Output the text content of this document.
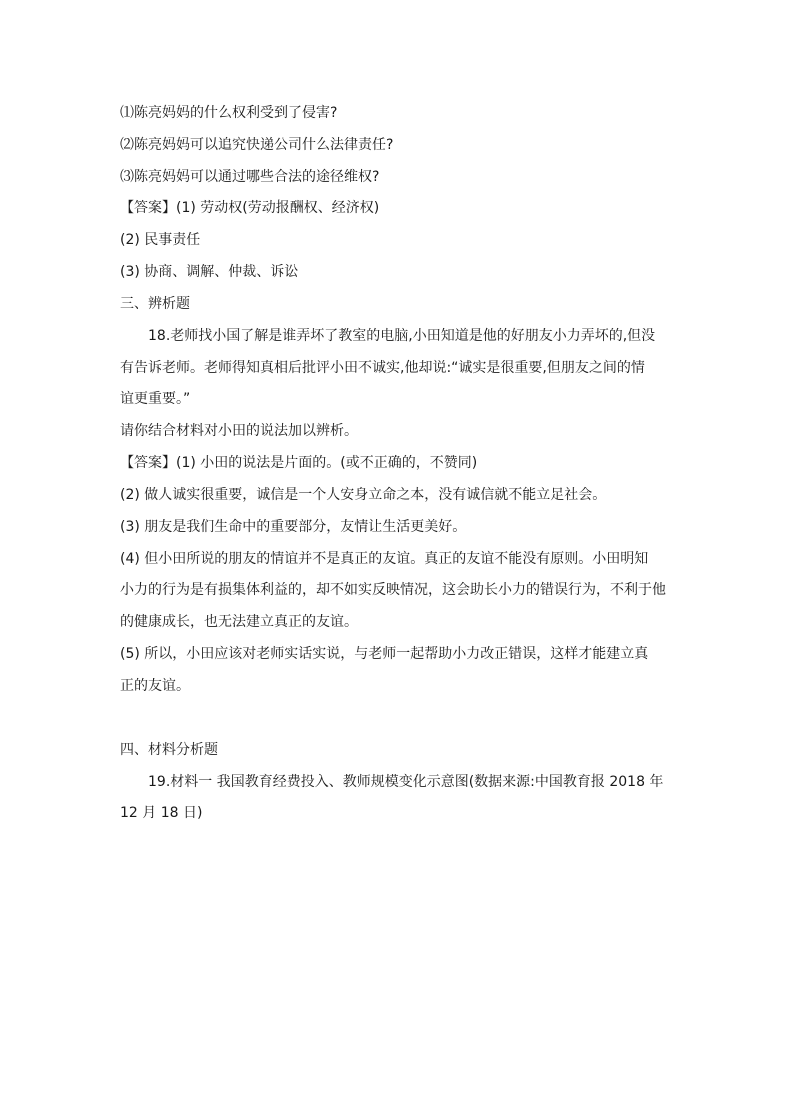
⑴陈亮妈妈的什么权利受到了侵害?
⑵陈亮妈妈可以追究快递公司什么法律责任?
⑶陈亮妈妈可以通过哪些合法的途径维权?
【答案】(1) 劳动权(劳动报酬权、经济权)
(2) 民事责任
(3) 协商、调解、仲裁、诉讼
三、辨析题
18.老师找小国了解是谁弄坏了教室的电脑,小田知道是他的好朋友小力弄坏的,但没
有告诉老师。老师得知真相后批评小田不诚实,他却说:“诚实是很重要,但朋友之间的情
谊更重要。”
请你结合材料对小田的说法加以辨析。
【答案】(1) 小田的说法是片面的。(或不正确的，不赞同)
(2) 做人诚实很重要，诚信是一个人安身立命之本，没有诚信就不能立足社会。
(3) 朋友是我们生命中的重要部分，友情让生活更美好。
(4) 但小田所说的朋友的情谊并不是真正的友谊。真正的友谊不能没有原则。小田明知
小力的行为是有损集体利益的，却不如实反映情况，这会助长小力的错误行为，不利于他
的健康成长，也无法建立真正的友谊。
(5) 所以，小田应该对老师实话实说，与老师一起帮助小力改正错误，这样才能建立真
正的友谊。
四、材料分析题
19.材料一 我国教育经费投入、教师规模变化示意图(数据来源:中国教育报 2018 年
12 月 18 日)
